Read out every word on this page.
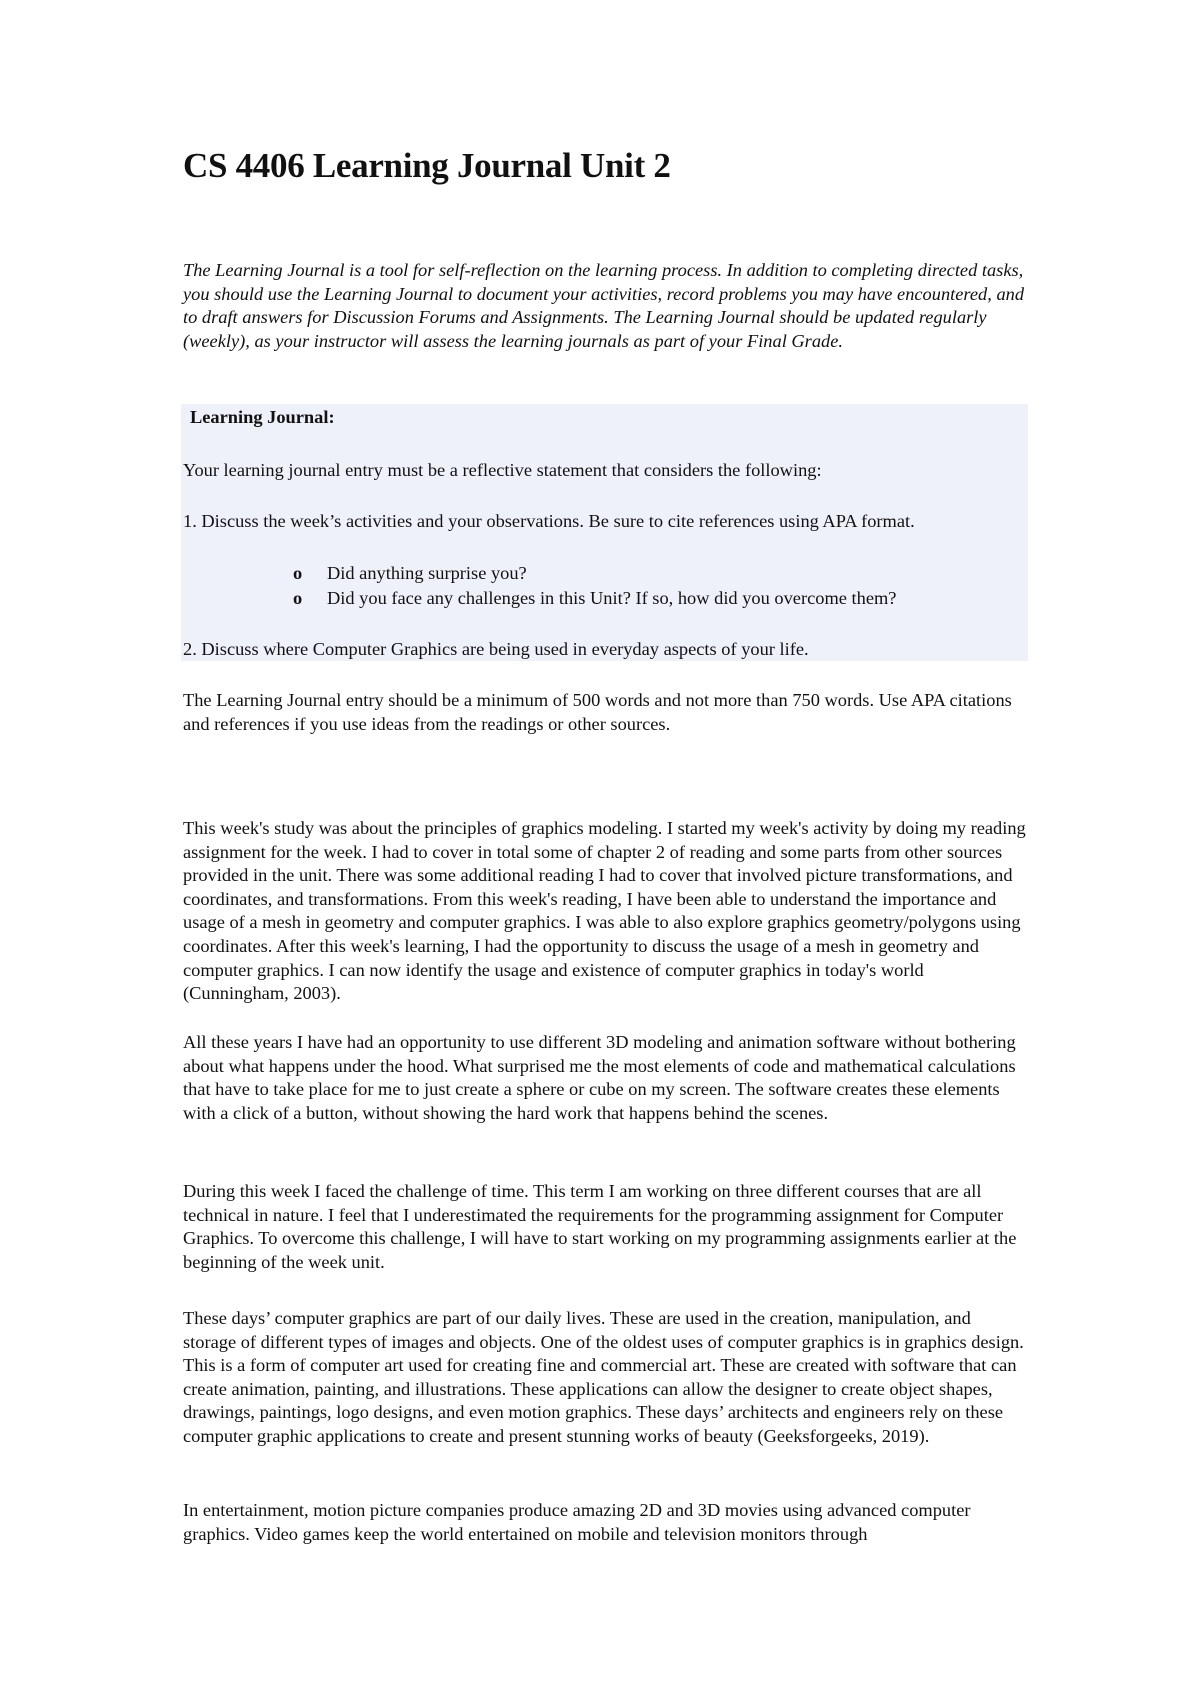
CS 4406 Learning Journal Unit 2

The Learning Journal is a tool for self-reflection on the learning process. In addition to completing directed tasks, you should use the Learning Journal to document your activities, record problems you may have encountered, and to draft answers for Discussion Forums and Assignments. The Learning Journal should be updated regularly (weekly), as your instructor will assess the learning journals as part of your Final Grade.

Learning Journal:

Your learning journal entry must be a reflective statement that considers the following:

1. Discuss the week’s activities and your observations. Be sure to cite references using APA format.

o Did anything surprise you?

o Did you face any challenges in this Unit? If so, how did you overcome them?

2. Discuss where Computer Graphics are being used in everyday aspects of your life.

The Learning Journal entry should be a minimum of 500 words and not more than 750 words. Use APA citations and references if you use ideas from the readings or other sources.

This week's study was about the principles of graphics modeling. I started my week's activity by doing my reading assignment for the week. I had to cover in total some of chapter 2 of reading and some parts from other sources provided in the unit. There was some additional reading I had to cover that involved picture transformations, and coordinates, and transformations. From this week's reading, I have been able to understand the importance and usage of a mesh in geometry and computer graphics. I was able to also explore graphics geometry/polygons using coordinates. After this week's learning, I had the opportunity to discuss the usage of a mesh in geometry and computer graphics. I can now identify the usage and existence of computer graphics in today's world (Cunningham, 2003).

All these years I have had an opportunity to use different 3D modeling and animation software without bothering about what happens under the hood. What surprised me the most elements of code and mathematical calculations that have to take place for me to just create a sphere or cube on my screen. The software creates these elements with a click of a button, without showing the hard work that happens behind the scenes.

During this week I faced the challenge of time. This term I am working on three different courses that are all technical in nature. I feel that I underestimated the requirements for the programming assignment for Computer Graphics. To overcome this challenge, I will have to start working on my programming assignments earlier at the beginning of the week unit.

These days’ computer graphics are part of our daily lives. These are used in the creation, manipulation, and storage of different types of images and objects. One of the oldest uses of computer graphics is in graphics design. This is a form of computer art used for creating fine and commercial art. These are created with software that can create animation, painting, and illustrations. These applications can allow the designer to create object shapes, drawings, paintings, logo designs, and even motion graphics. These days’ architects and engineers rely on these computer graphic applications to create and present stunning works of beauty (Geeksforgeeks, 2019).

In entertainment, motion picture companies produce amazing 2D and 3D movies using advanced computer graphics. Video games keep the world entertained on mobile and television monitors through
